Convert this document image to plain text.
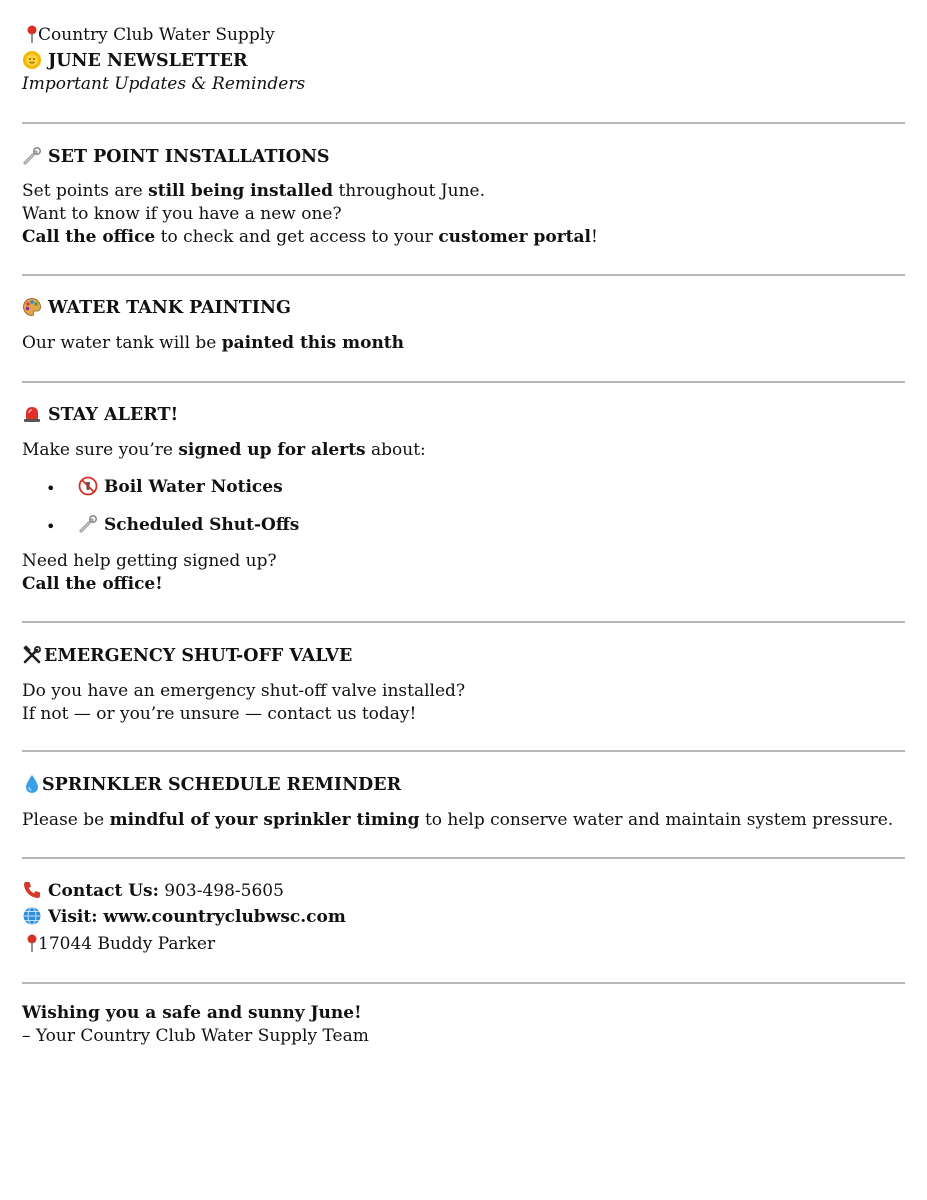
Country Club Water Supply
JUNE NEWSLETTER
Important Updates & Reminders
SET POINT INSTALLATIONS
Set points are still being installed throughout June.
Want to know if you have a new one?
Call the office to check and get access to your customer portal!
WATER TANK PAINTING
Our water tank will be painted this month
STAY ALERT!
Make sure you’re signed up for alerts about:
•	Boil Water Notices
•	Scheduled Shut-Offs
Need help getting signed up?
Call the office!
EMERGENCY SHUT-OFF VALVE
Do you have an emergency shut-off valve installed?
If not — or you’re unsure — contact us today!
SPRINKLER SCHEDULE REMINDER
Please be mindful of your sprinkler timing to help conserve water and maintain system pressure.
Contact Us: 903-498-5605
Visit: www.countryclubwsc.com
17044 Buddy Parker
Wishing you a safe and sunny June!
– Your Country Club Water Supply Team
